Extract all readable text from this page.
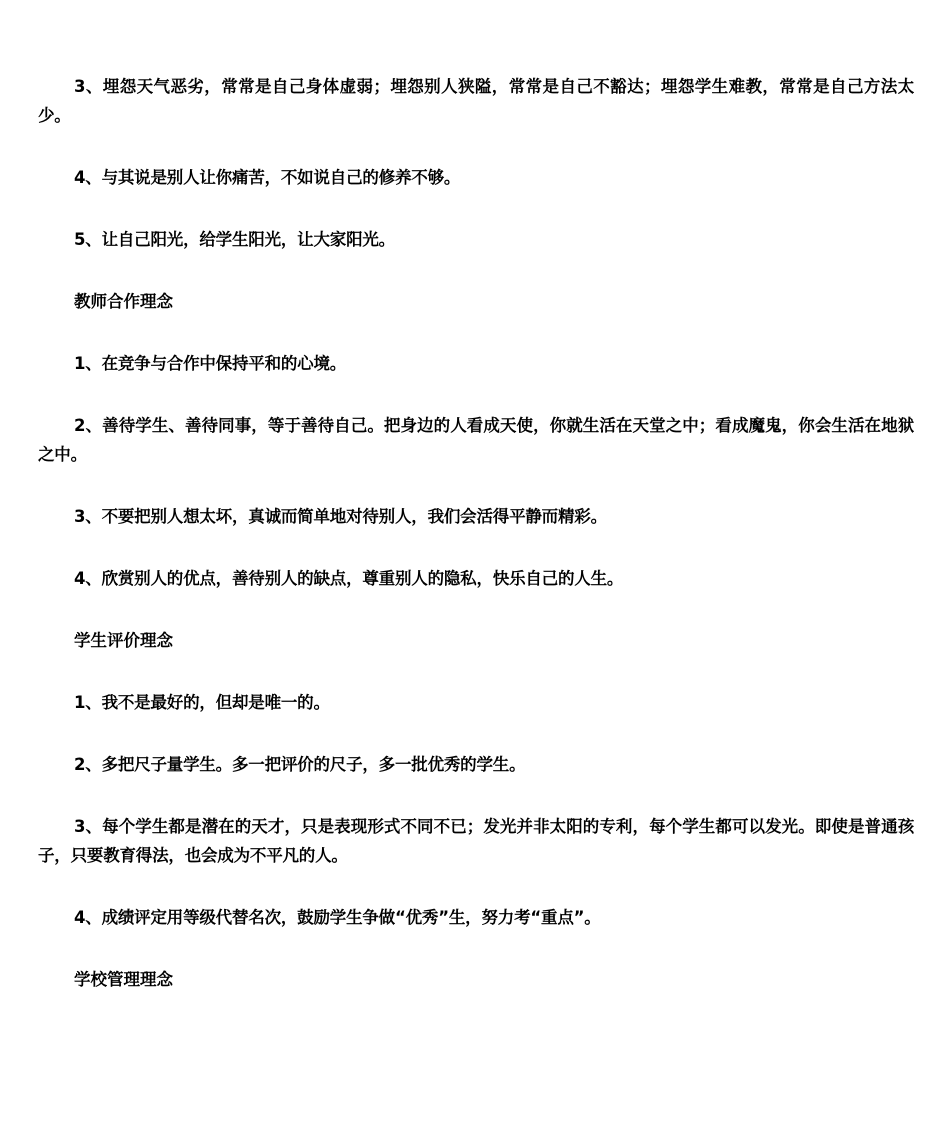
3、埋怨天气恶劣，常常是自己身体虚弱；埋怨别人狭隘，常常是自己不豁达；埋怨学生难教，常常是自己方法太少。

4、与其说是别人让你痛苦，不如说自己的修养不够。

5、让自己阳光，给学生阳光，让大家阳光。

教师合作理念

1、在竞争与合作中保持平和的心境。

2、善待学生、善待同事，等于善待自己。把身边的人看成天使，你就生活在天堂之中；看成魔鬼，你会生活在地狱之中。

3、不要把别人想太坏，真诚而简单地对待别人，我们会活得平静而精彩。

4、欣赏别人的优点，善待别人的缺点，尊重别人的隐私，快乐自己的人生。

学生评价理念

1、我不是最好的，但却是唯一的。

2、多把尺子量学生。多一把评价的尺子，多一批优秀的学生。

3、每个学生都是潜在的天才，只是表现形式不同不已；发光并非太阳的专利，每个学生都可以发光。即使是普通孩子，只要教育得法，也会成为不平凡的人。

4、成绩评定用等级代替名次，鼓励学生争做“优秀”生，努力考“重点”。

学校管理理念
